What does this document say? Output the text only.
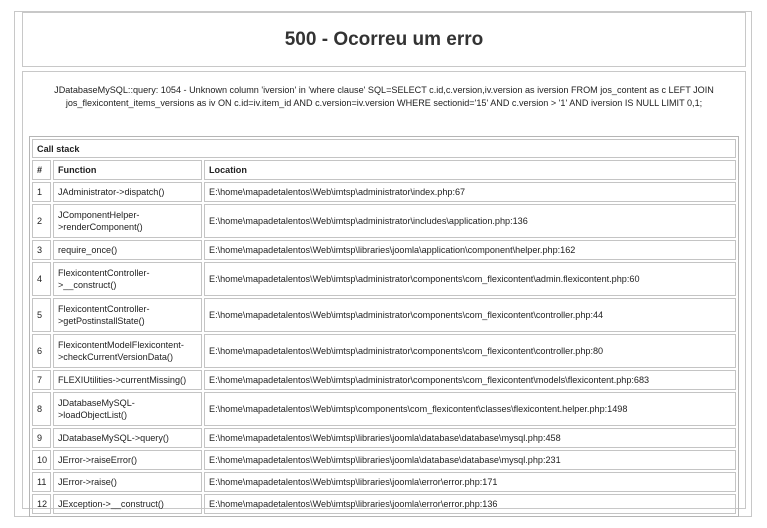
500 - Ocorreu um erro
JDatabaseMySQL::query: 1054 - Unknown column 'iversion' in 'where clause' SQL=SELECT c.id,c.version,iv.version as iversion FROM jos_content as c LEFT JOIN jos_flexicontent_items_versions as iv ON c.id=iv.item_id AND c.version=iv.version WHERE sectionid='15' AND c.version > '1' AND iversion IS NULL LIMIT 0,1;
Call stack		
#	Function	Location
1	JAdministrator->dispatch()	E:\home\mapadetalentos\Web\imtsp\administrator\index.php:67
2	JComponentHelper->renderComponent()	E:\home\mapadetalentos\Web\imtsp\administrator\includes\application.php:136
3	require_once()	E:\home\mapadetalentos\Web\imtsp\libraries\joomla\application\component\helper.php:162
4	FlexicontentController->__construct()	E:\home\mapadetalentos\Web\imtsp\administrator\components\com_flexicontent\admin.flexicontent.php:60
5	FlexicontentController->getPostinstallState()	E:\home\mapadetalentos\Web\imtsp\administrator\components\com_flexicontent\controller.php:44
6	FlexicontentModelFlexicontent->checkCurrentVersionData()	E:\home\mapadetalentos\Web\imtsp\administrator\components\com_flexicontent\controller.php:80
7	FLEXIUtilities->currentMissing()	E:\home\mapadetalentos\Web\imtsp\administrator\components\com_flexicontent\models\flexicontent.php:683
8	JDatabaseMySQL->loadObjectList()	E:\home\mapadetalentos\Web\imtsp\components\com_flexicontent\classes\flexicontent.helper.php:1498
9	JDatabaseMySQL->query()	E:\home\mapadetalentos\Web\imtsp\libraries\joomla\database\database\mysql.php:458
10	JError->raiseError()	E:\home\mapadetalentos\Web\imtsp\libraries\joomla\database\database\mysql.php:231
11	JError->raise()	E:\home\mapadetalentos\Web\imtsp\libraries\joomla\error\error.php:171
12	JException->__construct()	E:\home\mapadetalentos\Web\imtsp\libraries\joomla\error\error.php:136
